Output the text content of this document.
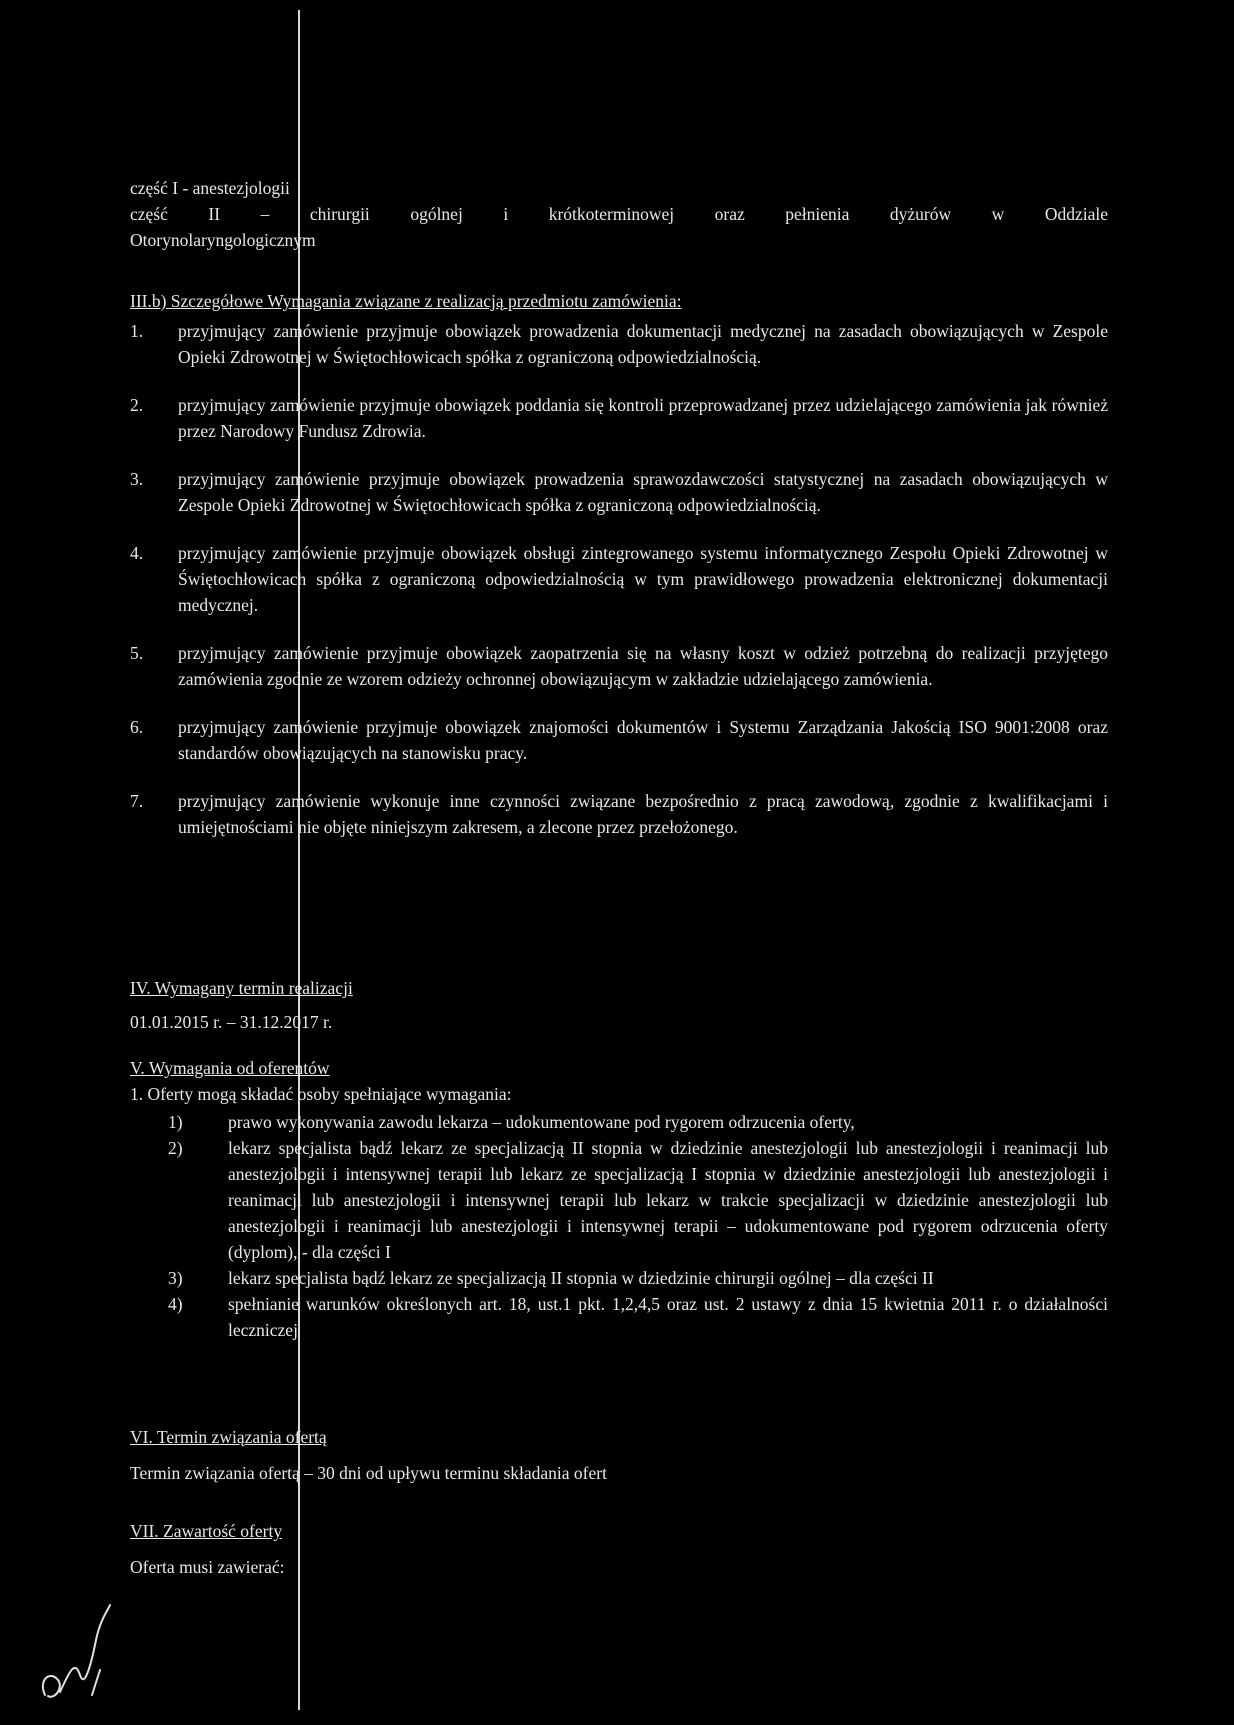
część I - anestezjologii

część II – chirurgii ogólnej i krótkoterminowej oraz pełnienia dyżurów w Oddziale

Otorynolaryngologicznym

III.b) Szczegółowe Wymagania związane z realizacją przedmiotu zamówienia:

1.	przyjmujący zamówienie przyjmuje obowiązek prowadzenia dokumentacji medycznej na zasadach obowiązujących w Zespole Opieki Zdrowotnej w Świętochłowicach spółka z ograniczoną odpowiedzialnością.
2.	przyjmujący zamówienie przyjmuje obowiązek poddania się kontroli przeprowadzanej przez udzielającego zamówienia jak również przez Narodowy Fundusz Zdrowia.
3.	przyjmujący zamówienie przyjmuje obowiązek prowadzenia sprawozdawczości statystycznej na zasadach obowiązujących w Zespole Opieki Zdrowotnej w Świętochłowicach spółka z ograniczoną odpowiedzialnością.
4.	przyjmujący zamówienie przyjmuje obowiązek obsługi zintegrowanego systemu informatycznego Zespołu Opieki Zdrowotnej w Świętochłowicach spółka z ograniczoną odpowiedzialnością w tym prawidłowego prowadzenia elektronicznej dokumentacji medycznej.
5.	przyjmujący zamówienie przyjmuje obowiązek zaopatrzenia się na własny koszt w odzież potrzebną do realizacji przyjętego zamówienia zgodnie ze wzorem odzieży ochronnej obowiązującym w zakładzie udzielającego zamówienia.
6.	przyjmujący zamówienie przyjmuje obowiązek znajomości dokumentów i Systemu Zarządzania Jakością ISO 9001:2008 oraz standardów obowiązujących na stanowisku pracy.
7.	przyjmujący zamówienie wykonuje inne czynności związane bezpośrednio z pracą zawodową, zgodnie z kwalifikacjami i umiejętnościami nie objęte niniejszym zakresem, a zlecone przez przełożonego.

IV. Wymagany termin realizacji

01.01.2015 r. – 31.12.2017 r.

V. Wymagania od oferentów

1. Oferty mogą składać osoby spełniające wymagania:

1)	prawo wykonywania zawodu lekarza – udokumentowane pod rygorem odrzucenia oferty,
2)	lekarz specjalista bądź lekarz ze specjalizacją II stopnia w dziedzinie anestezjologii lub anestezjologii i reanimacji lub anestezjologii i intensywnej terapii lub lekarz ze specjalizacją I stopnia w dziedzinie anestezjologii lub anestezjologii i reanimacji lub anestezjologii i intensywnej terapii lub lekarz w trakcie specjalizacji w dziedzinie anestezjologii lub anestezjologii i reanimacji lub anestezjologii i intensywnej terapii – udokumentowane pod rygorem odrzucenia oferty (dyplom), - dla części I
3)	lekarz specjalista bądź lekarz ze specjalizacją II stopnia w dziedzinie chirurgii ogólnej – dla części II
4)	spełnianie warunków określonych art. 18, ust.1 pkt. 1,2,4,5 oraz ust. 2 ustawy z dnia 15 kwietnia 2011 r. o działalności leczniczej

VI. Termin związania ofertą

Termin związania ofertą – 30 dni od upływu terminu składania ofert

VII. Zawartość oferty

Oferta musi zawierać:
